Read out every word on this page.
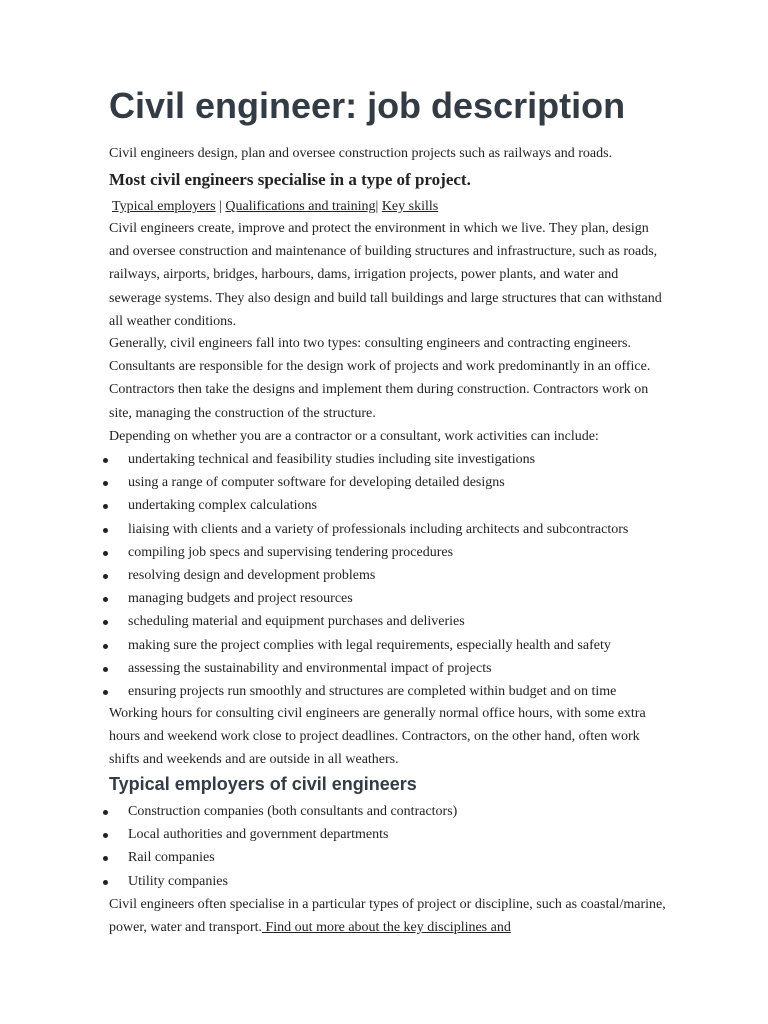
Civil engineer: job description

Civil engineers design, plan and oversee construction projects such as railways and roads.

Most civil engineers specialise in a type of project.
Typical employers | Qualifications and training| Key skills

Civil engineers create, improve and protect the environment in which we live. They plan, design and oversee construction and maintenance of building structures and infrastructure, such as roads, railways, airports, bridges, harbours, dams, irrigation projects, power plants, and water and sewerage systems. They also design and build tall buildings and large structures that can withstand all weather conditions.

Generally, civil engineers fall into two types: consulting engineers and contracting engineers. Consultants are responsible for the design work of projects and work predominantly in an office. Contractors then take the designs and implement them during construction. Contractors work on site, managing the construction of the structure.

Depending on whether you are a contractor or a consultant, work activities can include:

undertaking technical and feasibility studies including site investigations
using a range of computer software for developing detailed designs
undertaking complex calculations
liaising with clients and a variety of professionals including architects and subcontractors
compiling job specs and supervising tendering procedures
resolving design and development problems
managing budgets and project resources
scheduling material and equipment purchases and deliveries
making sure the project complies with legal requirements, especially health and safety
assessing the sustainability and environmental impact of projects
ensuring projects run smoothly and structures are completed within budget and on time

Working hours for consulting civil engineers are generally normal office hours, with some extra hours and weekend work close to project deadlines. Contractors, on the other hand, often work shifts and weekends and are outside in all weathers.

Typical employers of civil engineers
Construction companies (both consultants and contractors)
Local authorities and government departments
Rail companies
Utility companies

Civil engineers often specialise in a particular types of project or discipline, such as coastal/marine, power, water and transport. Find out more about the key disciplines and
